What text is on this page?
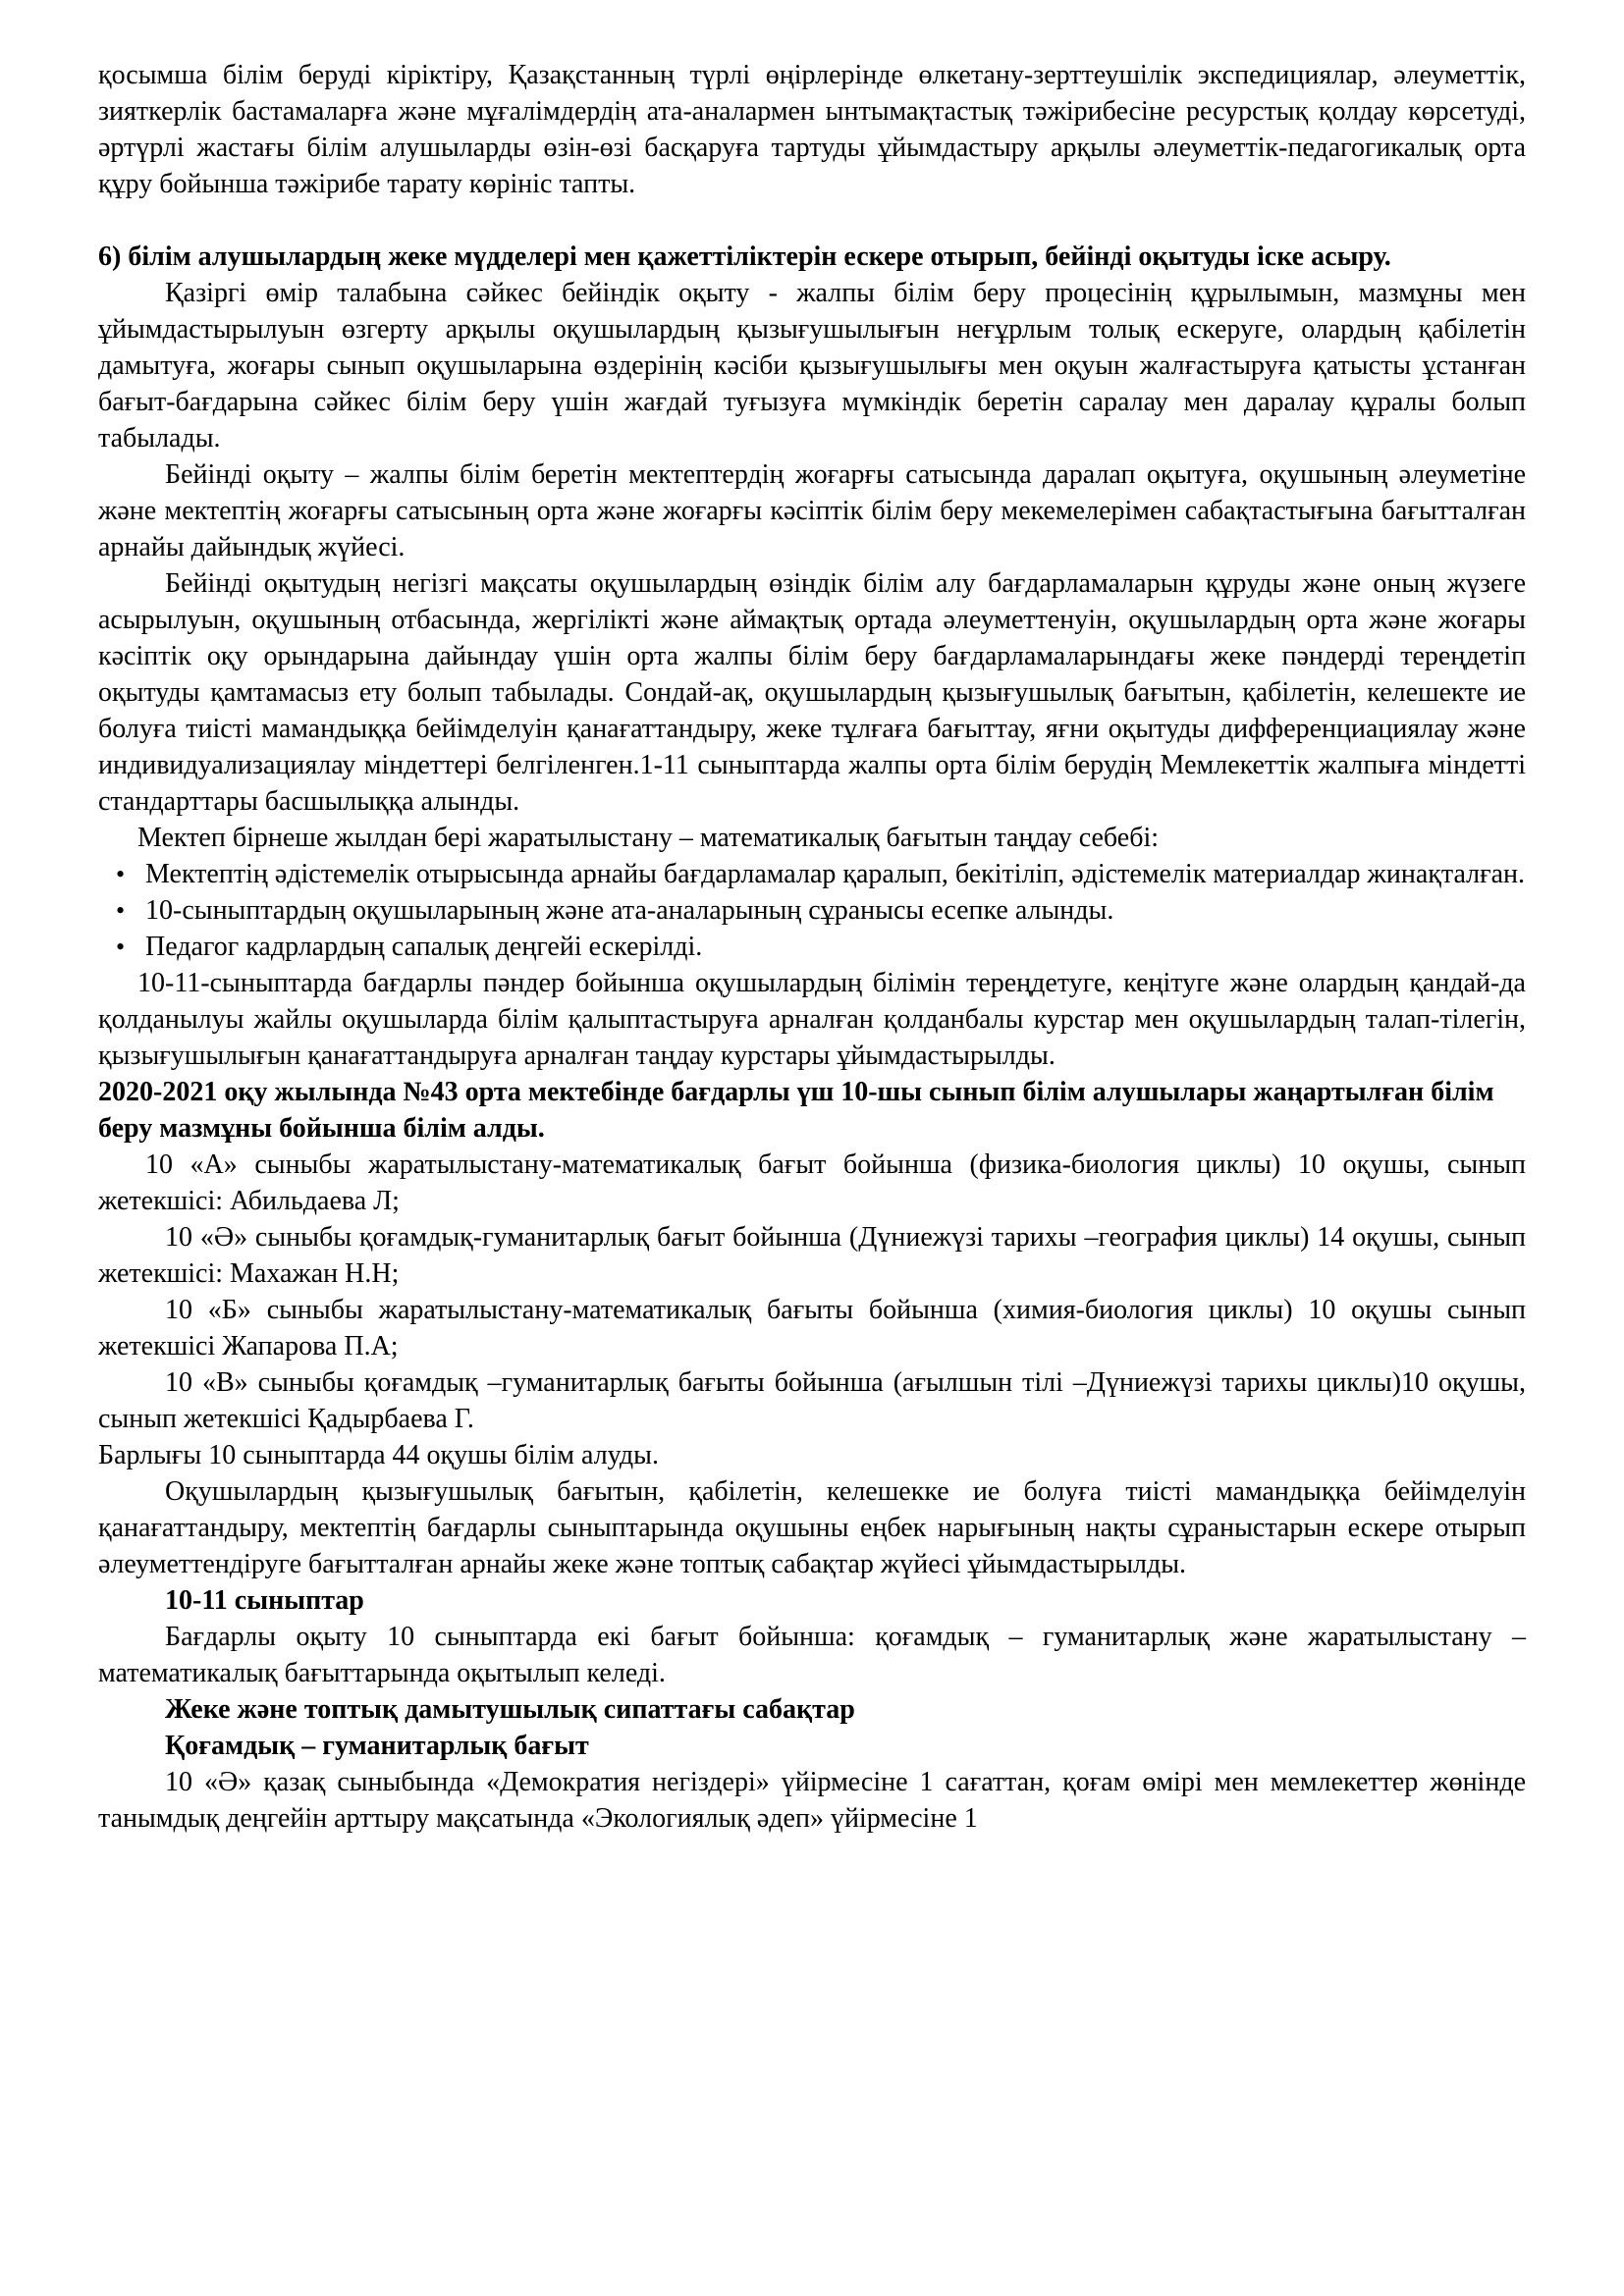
қосымша білім беруді кіріктіру, Қазақстанның түрлі өңірлерінде өлкетану-зерттеушілік экспедициялар, әлеуметтік, зияткерлік бастамаларға және мұғалімдердің ата-аналармен ынтымақтастық тәжірибесіне ресурстық қолдау көрсетуді, әртүрлі жастағы білім алушыларды өзін-өзі басқаруға тартуды ұйымдастыру арқылы әлеуметтік-педагогикалық орта құру бойынша тәжірибе тарату көрініс тапты.

6) білім алушылардың жеке мүдделері мен қажеттіліктерін ескере отырып, бейінді оқытуды іске асыру.

Қазіргі өмір талабына сәйкес бейіндік оқыту - жалпы білім беру процесінің құрылымын, мазмұны мен ұйымдастырылуын өзгерту арқылы оқушылардың қызығушылығын неғұрлым толық ескеруге, олардың қабілетін дамытуға, жоғары сынып оқушыларына өздерінің кәсіби қызығушылығы мен оқуын жалғастыруға қатысты ұстанған бағыт-бағдарына сәйкес білім беру үшін жағдай туғызуға мүмкіндік беретін саралау мен даралау құралы болып табылады.

Бейінді оқыту – жалпы білім беретін мектептердің жоғарғы сатысында даралап оқытуға, оқушының әлеуметіне және мектептің жоғарғы сатысының орта және жоғарғы кәсіптік білім беру мекемелерімен сабақтастығына бағытталған арнайы дайындық жүйесі.

Бейінді оқытудың негізгі мақсаты оқушылардың өзіндік білім алу бағдарламаларын құруды және оның жүзеге асырылуын, оқушының отбасында, жергілікті және аймақтық ортада әлеуметтенуін, оқушылардың орта және жоғары кәсіптік оқу орындарына дайындау үшін орта жалпы білім беру бағдарламаларындағы жеке пәндерді тереңдетіп оқытуды қамтамасыз ету болып табылады. Сондай-ақ, оқушылардың қызығушылық бағытын, қабілетін, келешекте ие болуға тиісті мамандыққа бейімделуін қанағаттандыру, жеке тұлғаға бағыттау, яғни оқытуды дифференциациялау және индивидуализациялау міндеттері белгіленген.1-11 сыныптарда жалпы орта білім берудің Мемлекеттік жалпыға міндетті стандарттары басшылыққа алынды.

Мектеп бірнеше жылдан бері жаратылыстану – математикалық бағытын таңдау себебі:

• Мектептің әдістемелік отырысында арнайы бағдарламалар қаралып, бекітіліп, әдістемелік материалдар жинақталған.
• 10-сыныптардың оқушыларының және ата-аналарының сұранысы есепке алынды.
• Педагог кадрлардың сапалық деңгейі ескерілді.

10-11-сыныптарда бағдарлы пәндер бойынша оқушылардың білімін тереңдетуге, кеңітуге және олардың қандай-да қолданылуы жайлы оқушыларда білім қалыптастыруға арналған қолданбалы курстар мен оқушылардың талап-тілегін, қызығушылығын қанағаттандыруға арналған таңдау курстары ұйымдастырылды.

2020-2021 оқу жылында №43 орта мектебінде бағдарлы үш 10-шы сынып білім алушылары жаңартылған білім беру мазмұны бойынша білім алды.

10 «А» сыныбы жаратылыстану-математикалық бағыт бойынша (физика-биология циклы) 10 оқушы, сынып жетекшісі: Абильдаева Л;

10 «Ә» сыныбы қоғамдық-гуманитарлық бағыт бойынша (Дүниежүзі тарихы –география циклы) 14 оқушы, сынып жетекшісі: Махажан Н.Н;

10 «Б» сыныбы жаратылыстану-математикалық бағыты бойынша (химия-биология циклы) 10 оқушы сынып жетекшісі Жапарова П.А;

10 «В» сыныбы қоғамдық –гуманитарлық бағыты бойынша (ағылшын тілі –Дүниежүзі тарихы циклы)10 оқушы, сынып жетекшісі Қадырбаева Г.

Барлығы 10 сыныптарда 44 оқушы білім алуды.

Оқушылардың қызығушылық бағытын, қабілетін, келешекке ие болуға тиісті мамандыққа бейімделуін қанағаттандыру, мектептің бағдарлы сыныптарында оқушыны еңбек нарығының нақты сұраныстарын ескере отырып әлеуметтендіруге бағытталған арнайы жеке және топтық сабақтар жүйесі ұйымдастырылды.

10-11 сыныптар

Бағдарлы оқыту 10 сыныптарда екі бағыт бойынша: қоғамдық – гуманитарлық және жаратылыстану – математикалық бағыттарында оқытылып келеді.

Жеке және топтық дамытушылық сипаттағы сабақтар

Қоғамдық – гуманитарлық бағыт

10 «Ә» қазақ сыныбында «Демократия негіздері» үйірмесіне 1 сағаттан, қоғам өмірі мен мемлекеттер жөнінде танымдық деңгейін арттыру мақсатында «Экологиялық әдеп» үйірмесіне 1
